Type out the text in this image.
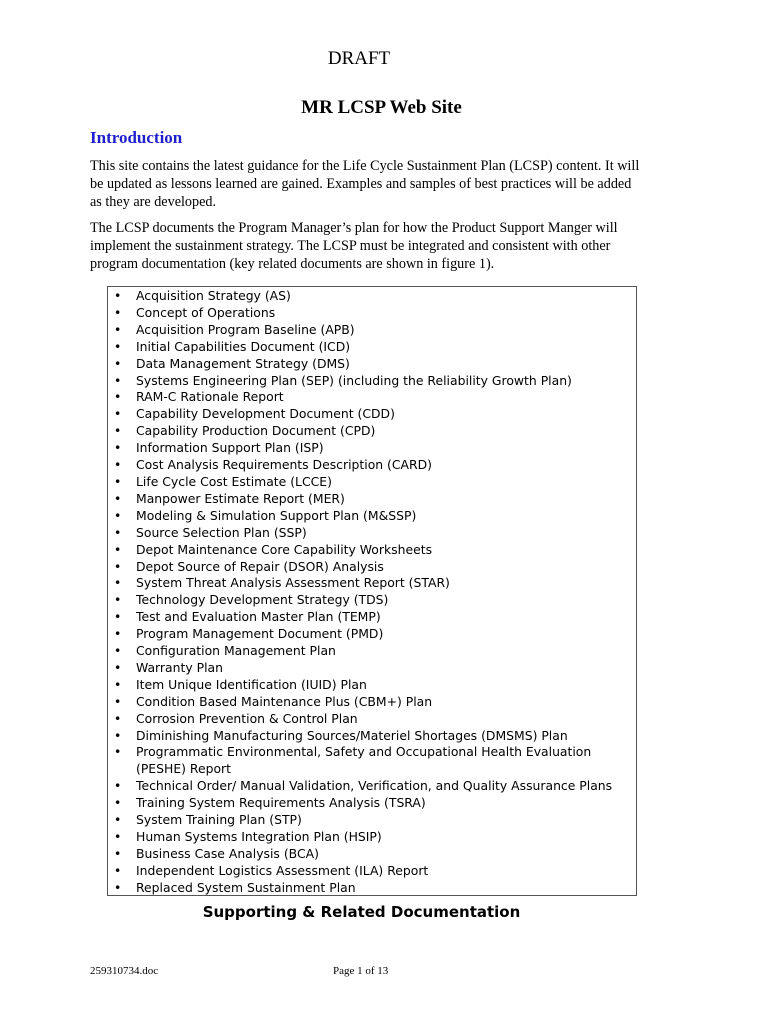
DRAFT
MR LCSP Web Site
Introduction
This site contains the latest guidance for the Life Cycle Sustainment Plan (LCSP) content. It will
be updated as lessons learned are gained. Examples and samples of best practices will be added
as they are developed.
The LCSP documents the Program Manager’s plan for how the Product Support Manger will
implement the sustainment strategy. The LCSP must be integrated and consistent with other
program documentation (key related documents are shown in figure 1).
• Acquisition Strategy (AS)
• Concept of Operations
• Acquisition Program Baseline (APB)
• Initial Capabilities Document (ICD)
• Data Management Strategy (DMS)
• Systems Engineering Plan (SEP) (including the Reliability Growth Plan)
• RAM-C Rationale Report
• Capability Development Document (CDD)
• Capability Production Document (CPD)
• Information Support Plan (ISP)
• Cost Analysis Requirements Description (CARD)
• Life Cycle Cost Estimate (LCCE)
• Manpower Estimate Report (MER)
• Modeling & Simulation Support Plan (M&SSP)
• Source Selection Plan (SSP)
• Depot Maintenance Core Capability Worksheets
• Depot Source of Repair (DSOR) Analysis
• System Threat Analysis Assessment Report (STAR)
• Technology Development Strategy (TDS)
• Test and Evaluation Master Plan (TEMP)
• Program Management Document (PMD)
• Configuration Management Plan
• Warranty Plan
• Item Unique Identification (IUID) Plan
• Condition Based Maintenance Plus (CBM+) Plan
• Corrosion Prevention & Control Plan
• Diminishing Manufacturing Sources/Materiel Shortages (DMSMS) Plan
• Programmatic Environmental, Safety and Occupational Health Evaluation
(PESHE) Report
• Technical Order/ Manual Validation, Verification, and Quality Assurance Plans
• Training System Requirements Analysis (TSRA)
• System Training Plan (STP)
• Human Systems Integration Plan (HSIP)
• Business Case Analysis (BCA)
• Independent Logistics Assessment (ILA) Report
• Replaced System Sustainment Plan
Supporting & Related Documentation
259310734.doc	Page 1 of 13
